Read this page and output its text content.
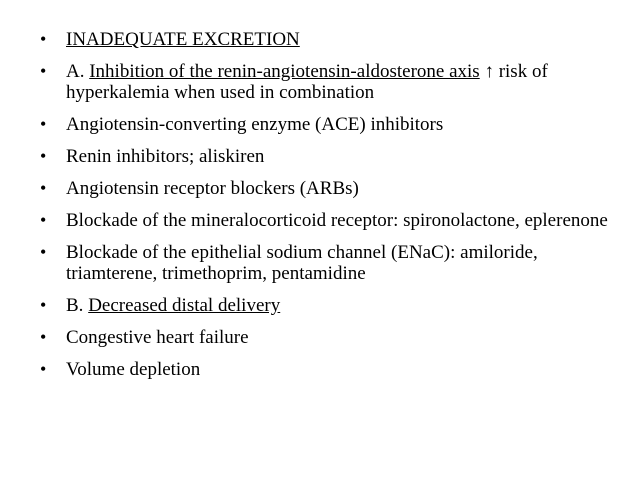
• INADEQUATE EXCRETION
• A. Inhibition of the renin-angiotensin-aldosterone axis ↑ risk of hyperkalemia when used in combination
• Angiotensin-converting enzyme (ACE) inhibitors
• Renin inhibitors; aliskiren
• Angiotensin receptor blockers (ARBs)
• Blockade of the mineralocorticoid receptor: spironolactone, eplerenone
• Blockade of the epithelial sodium channel (ENaC): amiloride, triamterene, trimethoprim, pentamidine
• B. Decreased distal delivery
• Congestive heart failure
• Volume depletion
